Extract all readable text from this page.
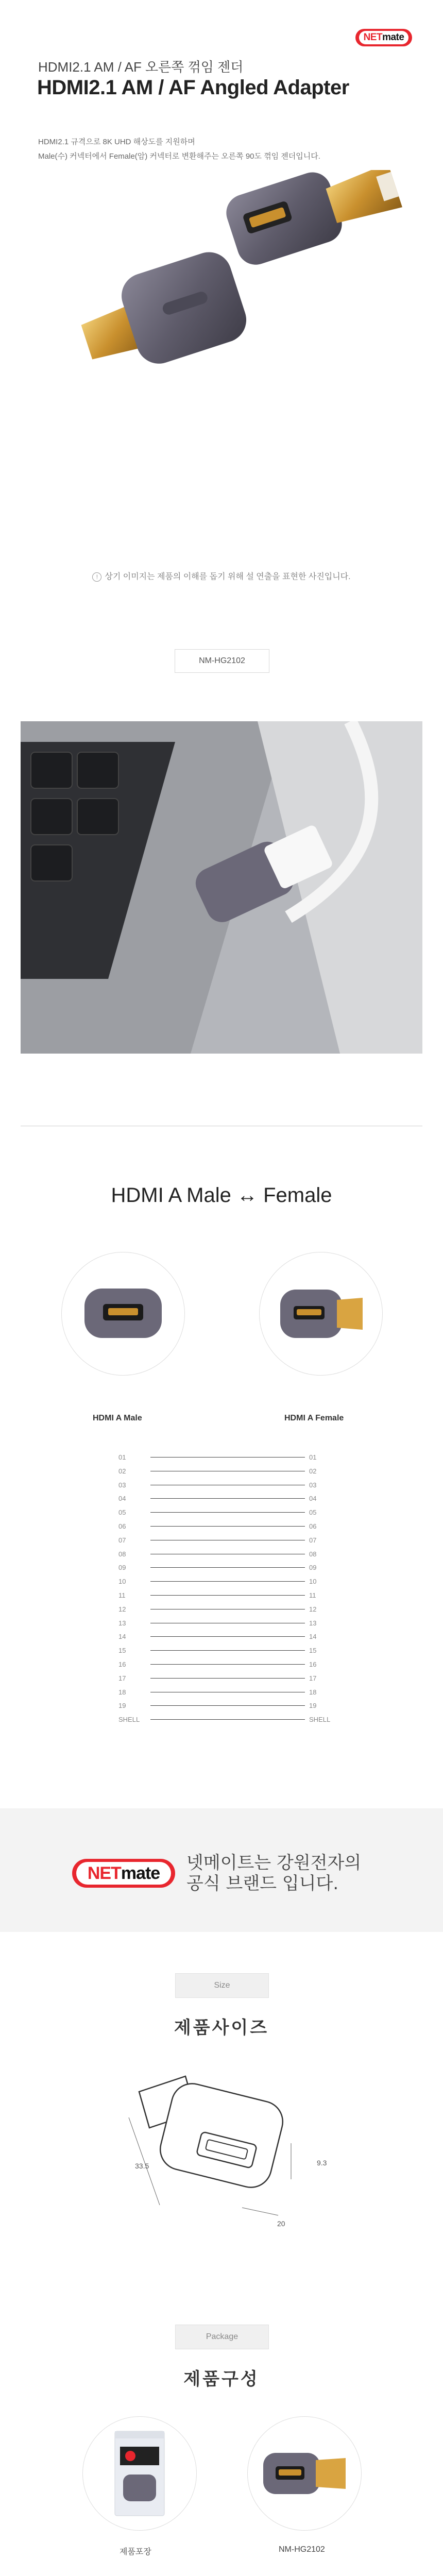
NET mate
HDMI2.1 AM / AF 오른쪽 꺾임 젠더
HDMI2.1 AM / AF Angled Adapter
HDMI2.1 규격으로 8K UHD 해상도를 지원하며
Male(수) 커넥터에서 Female(암) 커넥터로 변환해주는 오른쪽 90도 꺾임 젠더입니다.
! 상기 이미지는 제품의 이해를 돕기 위해 설 연출을 표현한 사진입니다.
NM-HG2102
HDMI A Male ↔ Female
HDMI A Male	HDMI A Female
01	01
02	02
03	03
04	04
05	05
06	06
07	07
08	08
09	09
10	10
11	11
12	12
13	13
14	14
15	15
16	16
17	17
18	18
19	19
SHELL	SHELL
NET mate 넷메이트는 강원전자의
공식 브랜드 입니다.
Size
제품사이즈
33.5
20
9.3
Package
제품구성
제품포장	NM-HG2102
